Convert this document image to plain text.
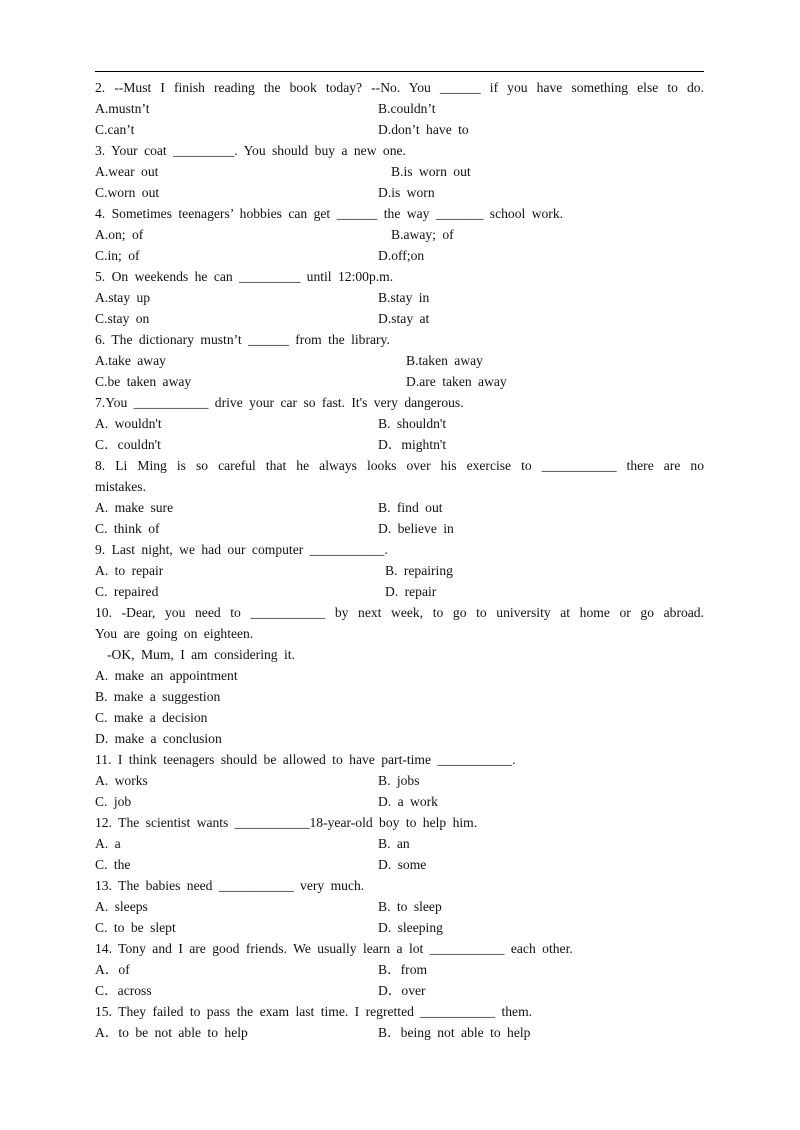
2. --Must I finish reading the book today? --No. You ______ if you have something else to do.
A.mustn’t	B.couldn’t
C.can’t	D.don’t have to
3. Your coat _________. You should buy a new one.
A.wear out	B.is worn out
C.worn out	D.is worn
4. Sometimes teenagers’ hobbies can get ______ the way _______ school work.
A.on; of	B.away; of
C.in; of	D.off;on
5. On weekends he can _________ until 12:00p.m.
A.stay up	B.stay in
C.stay on	D.stay at
6. The dictionary mustn’t ______ from the library.
A.take away	B.taken away
C.be taken away	D.are taken away
7.You ___________ drive your car so fast. It's very dangerous.
A. wouldn't	B. shouldn't
C．couldn't	D．mightn't
8. Li Ming is so careful that he always looks over his exercise to ___________ there are no
mistakes.
A. make sure	B. find out
C. think of	D. believe in
9. Last night, we had our computer ___________.
A. to repair	B. repairing
C. repaired	D. repair
10. -Dear, you need to ___________ by next week, to go to university at home or go abroad.
You are going on eighteen.
-OK, Mum, I am considering it.
A. make an appointment
B. make a suggestion
C. make a decision
D. make a conclusion
11. I think teenagers should be allowed to have part-time ___________.
A. works	B. jobs
C. job	D. a work
12. The scientist wants ___________18-year-old boy to help him.
A. a	B. an
C. the	D. some
13. The babies need ___________ very much.
A. sleeps	B. to sleep
C. to be slept	D. sleeping
14. Tony and I are good friends. We usually learn a lot ___________ each other.
A．of	B．from
C．across	D．over
15. They failed to pass the exam last time. I regretted ___________ them.
A．to be not able to help	B．being not able to help
